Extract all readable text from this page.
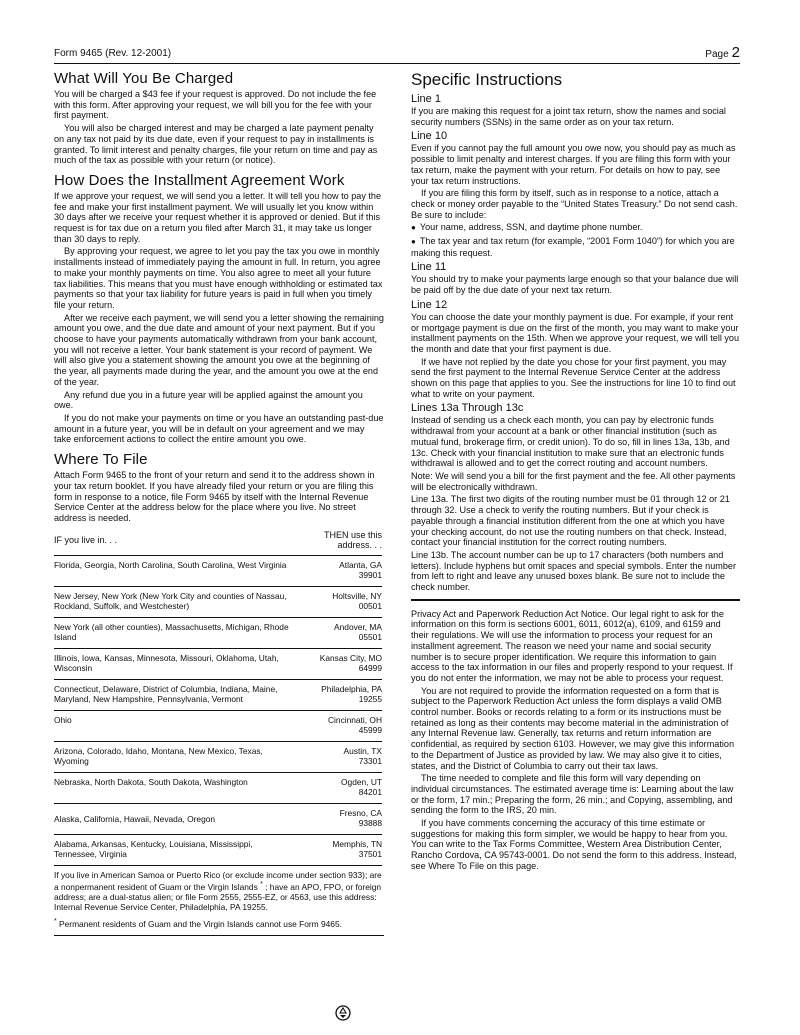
Form 9465 (Rev. 12-2001)	Page 2
What Will You Be Charged

You will be charged a $43 fee if your request is approved. Do not include the fee with this form. After approving your request, we will bill you for the fee with your first payment.

You will also be charged interest and may be charged a late payment penalty on any tax not paid by its due date, even if your request to pay in installments is granted. To limit interest and penalty charges, file your return on time and pay as much of the tax as possible with your return (or notice).

How Does the Installment Agreement Work

If we approve your request, we will send you a letter. It will tell you how to pay the fee and make your first installment payment. We will usually let you know within 30 days after we receive your request whether it is approved or denied. But if this request is for tax due on a return you filed after March 31, it may take us longer than 30 days to reply.

By approving your request, we agree to let you pay the tax you owe in monthly installments instead of immediately paying the amount in full. In return, you agree to make your monthly payments on time. You also agree to meet all your future tax liabilities. This means that you must have enough withholding or estimated tax payments so that your tax liability for future years is paid in full when you timely file your return.

After we receive each payment, we will send you a letter showing the remaining amount you owe, and the due date and amount of your next payment. But if you choose to have your payments automatically withdrawn from your bank account, you will not receive a letter. Your bank statement is your record of payment. We will also give you a statement showing the amount you owe at the beginning of the year, all payments made during the year, and the amount you owe at the end of the year.

Any refund due you in a future year will be applied against the amount you owe.

If you do not make your payments on time or you have an outstanding past-due amount in a future year, you will be in default on your agreement and we may take enforcement actions to collect the entire amount you owe.

Where To File

Attach Form 9465 to the front of your return and send it to the address shown in your tax return booklet. If you have already filed your return or you are filing this form in response to a notice, file Form 9465 by itself with the Internal Revenue Service Center at the address below for the place where you live. No street address is needed.

IF you live in. . .	THEN use this address. . .
Florida, Georgia, North Carolina, South Carolina, West Virginia	Atlanta, GA
39901
New Jersey, New York (New York City and counties of Nassau, Rockland, Suffolk, and Westchester)	Holtsville, NY
00501
New York (all other counties), Massachusetts, Michigan, Rhode Island	Andover, MA
05501
Illinois, Iowa, Kansas, Minnesota, Missouri, Oklahoma, Utah, Wisconsin	Kansas City, MO
64999
Connecticut, Delaware, District of Columbia, Indiana, Maine, Maryland, New Hampshire, Pennsylvania, Vermont	Philadelphia, PA
19255
Ohio	Cincinnati, OH
45999
Arizona, Colorado, Idaho, Montana, New Mexico, Texas, Wyoming	Austin, TX
73301
Nebraska, North Dakota, South Dakota, Washington	Ogden, UT
84201
Alaska, California, Hawaii, Nevada, Oregon	Fresno, CA
93888
Alabama, Arkansas, Kentucky, Louisiana, Mississippi, Tennessee, Virginia	Memphis, TN
37501
If you live in American Samoa or Puerto Rico (or exclude income under section 933); are a nonpermanent resident of Guam or the Virgin Islands * ; have an APO, FPO, or foreign address; are a dual-status alien; or file Form 2555, 2555-EZ, or 4563, use this address: Internal Revenue Service Center, Philadelphia, PA 19255.
* Permanent residents of Guam and the Virgin Islands cannot use Form 9465.
Specific Instructions
Line 1

If you are making this request for a joint tax return, show the names and social security numbers (SSNs) in the same order as on your tax return.

Line 10

Even if you cannot pay the full amount you owe now, you should pay as much as possible to limit penalty and interest charges. If you are filing this form with your tax return, make the payment with your return. For details on how to pay, see your tax return instructions.

If you are filing this form by itself, such as in response to a notice, attach a check or money order payable to the “United States Treasury.” Do not send cash. Be sure to include:

● Your name, address, SSN, and daytime phone number.

● The tax year and tax return (for example, “2001 Form 1040”) for which you are making this request.

Line 11

You should try to make your payments large enough so that your balance due will be paid off by the due date of your next tax return.

Line 12

You can choose the date your monthly payment is due. For example, if your rent or mortgage payment is due on the first of the month, you may want to make your installment payments on the 15th. When we approve your request, we will tell you the month and date that your first payment is due.

If we have not replied by the date you chose for your first payment, you may send the first payment to the Internal Revenue Service Center at the address shown on this page that applies to you. See the instructions for line 10 to find out what to write on your payment.

Lines 13a Through 13c

Instead of sending us a check each month, you can pay by electronic funds withdrawal from your account at a bank or other financial institution (such as mutual fund, brokerage firm, or credit union). To do so, fill in lines 13a, 13b, and 13c. Check with your financial institution to make sure that an electronic funds withdrawal is allowed and to get the correct routing and account numbers.

Note: We will send you a bill for the first payment and the fee. All other payments will be electronically withdrawn.

Line 13a. The first two digits of the routing number must be 01 through 12 or 21 through 32. Use a check to verify the routing numbers. But if your check is payable through a financial institution different from the one at which you have your checking account, do not use the routing numbers on that check. Instead, contact your financial institution for the correct routing numbers.

Line 13b. The account number can be up to 17 characters (both numbers and letters). Include hyphens but omit spaces and special symbols. Enter the number from left to right and leave any unused boxes blank. Be sure not to include the check number.

Privacy Act and Paperwork Reduction Act Notice. Our legal right to ask for the information on this form is sections 6001, 6011, 6012(a), 6109, and 6159 and their regulations. We will use the information to process your request for an installment agreement. The reason we need your name and social security number is to secure proper identification. We require this information to gain access to the tax information in our files and properly respond to your request. If you do not enter the information, we may not be able to process your request.

You are not required to provide the information requested on a form that is subject to the Paperwork Reduction Act unless the form displays a valid OMB control number. Books or records relating to a form or its instructions must be retained as long as their contents may become material in the administration of any Internal Revenue law. Generally, tax returns and return information are confidential, as required by section 6103. However, we may give this information to the Department of Justice as provided by law. We may also give it to cities, states, and the District of Columbia to carry out their tax laws.

The time needed to complete and file this form will vary depending on individual circumstances. The estimated average time is: Learning about the law or the form, 17 min.; Preparing the form, 26 min.; and Copying, assembling, and sending the form to the IRS, 20 min.

If you have comments concerning the accuracy of this time estimate or suggestions for making this form simpler, we would be happy to hear from you. You can write to the Tax Forms Committee, Western Area Distribution Center, Rancho Cordova, CA 95743-0001. Do not send the form to this address. Instead, see Where To File on this page.
